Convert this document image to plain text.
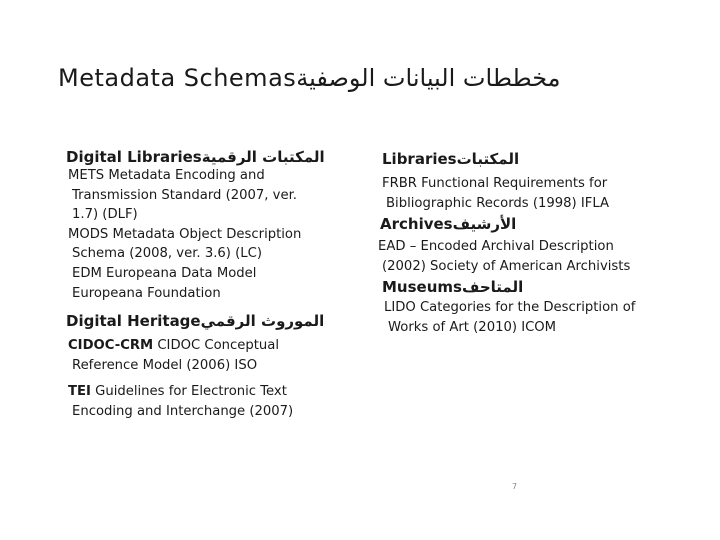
Metadata Schemasمخططات البيانات الوصفية
Digital Librariesالمكتبات الرقمية
METS Metadata Encoding and
Transmission Standard (2007, ver.
1.7) (DLF)
MODS Metadata Object Description
Schema (2008, ver. 3.6) (LC)
EDM Europeana Data Model
Europeana Foundation
Digital Heritageالموروث الرقمي
CIDOC-CRM CIDOC Conceptual
Reference Model (2006) ISO
TEI Guidelines for Electronic Text
Encoding and Interchange (2007)
Librariesالمكتبات
FRBR Functional Requirements for
Bibliographic Records (1998) IFLA
Archivesالأرشيف
EAD – Encoded Archival Description
(2002) Society of American Archivists
Museumsالمتاحف
LIDO Categories for the Description of
Works of Art (2010) ICOM
7
